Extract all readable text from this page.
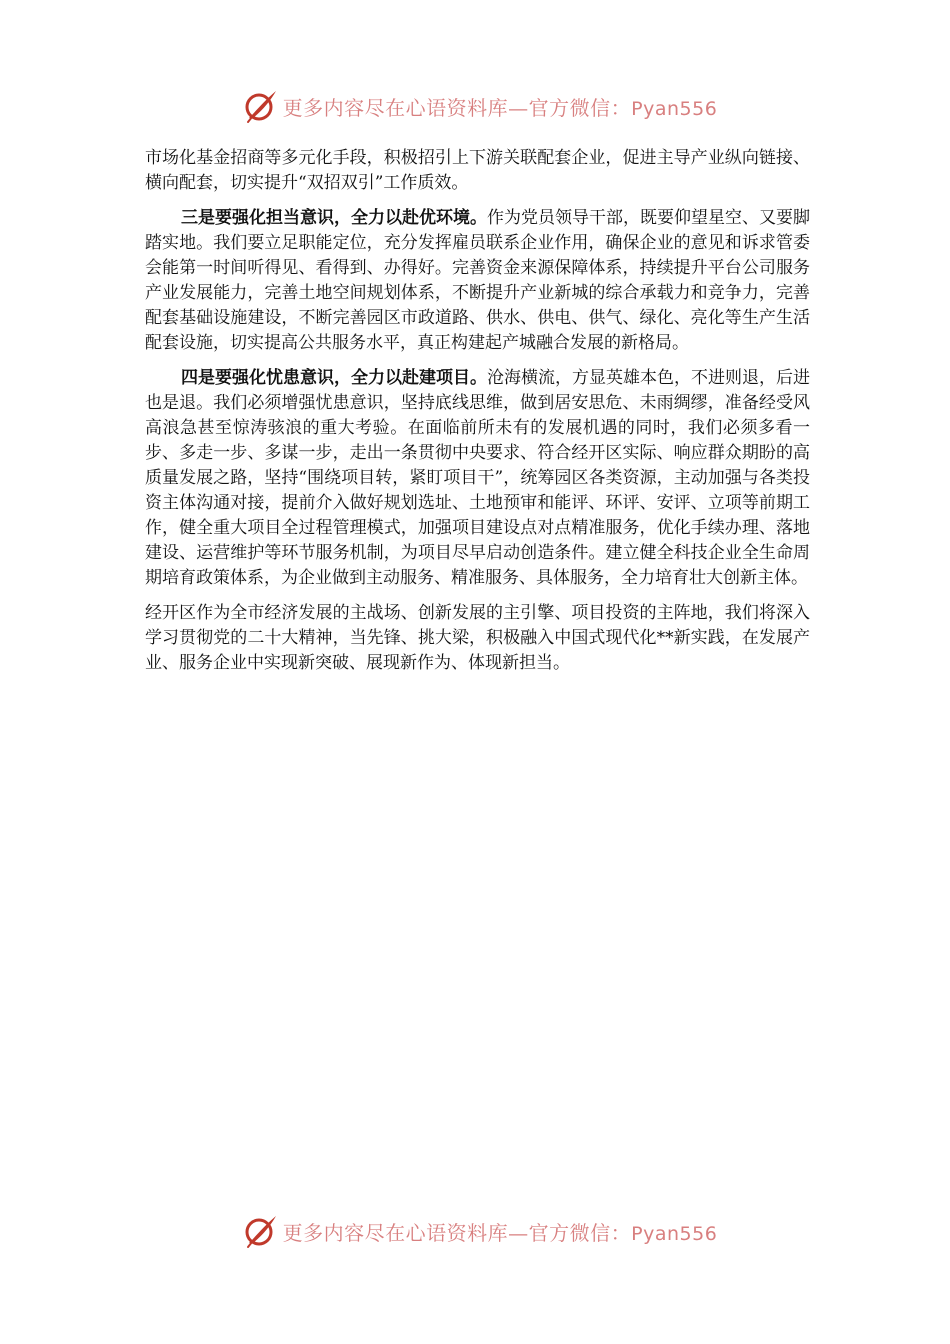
更多内容尽在心语资料库—官方微信：Pyan556

市场化基金招商等多元化手段，积极招引上下游关联配套企业，促进主导产业纵向链接、横向配套，切实提升“双招双引”工作质效。

三是要强化担当意识，全力以赴优环境。作为党员领导干部，既要仰望星空、又要脚踏实地。我们要立足职能定位，充分发挥雇员联系企业作用，确保企业的意见和诉求管委会能第一时间听得见、看得到、办得好。完善资金来源保障体系，持续提升平台公司服务产业发展能力，完善土地空间规划体系，不断提升产业新城的综合承载力和竞争力，完善配套基础设施建设，不断完善园区市政道路、供水、供电、供气、绿化、亮化等生产生活配套设施，切实提高公共服务水平，真正构建起产城融合发展的新格局。

四是要强化忧患意识，全力以赴建项目。沧海横流，方显英雄本色，不进则退，后进也是退。我们必须增强忧患意识，坚持底线思维，做到居安思危、未雨绸缪，准备经受风高浪急甚至惊涛骇浪的重大考验。在面临前所未有的发展机遇的同时，我们必须多看一步、多走一步、多谋一步，走出一条贯彻中央要求、符合经开区实际、响应群众期盼的高质量发展之路，坚持“围绕项目转，紧盯项目干”，统筹园区各类资源，主动加强与各类投资主体沟通对接，提前介入做好规划选址、土地预审和能评、环评、安评、立项等前期工作，健全重大项目全过程管理模式，加强项目建设点对点精准服务，优化手续办理、落地建设、运营维护等环节服务机制，为项目尽早启动创造条件。建立健全科技企业全生命周期培育政策体系，为企业做到主动服务、精准服务、具体服务，全力培育壮大创新主体。

经开区作为全市经济发展的主战场、创新发展的主引擎、项目投资的主阵地，我们将深入学习贯彻党的二十大精神，当先锋、挑大梁，积极融入中国式现代化**新实践，在发展产业、服务企业中实现新突破、展现新作为、体现新担当。

更多内容尽在心语资料库—官方微信：Pyan556
